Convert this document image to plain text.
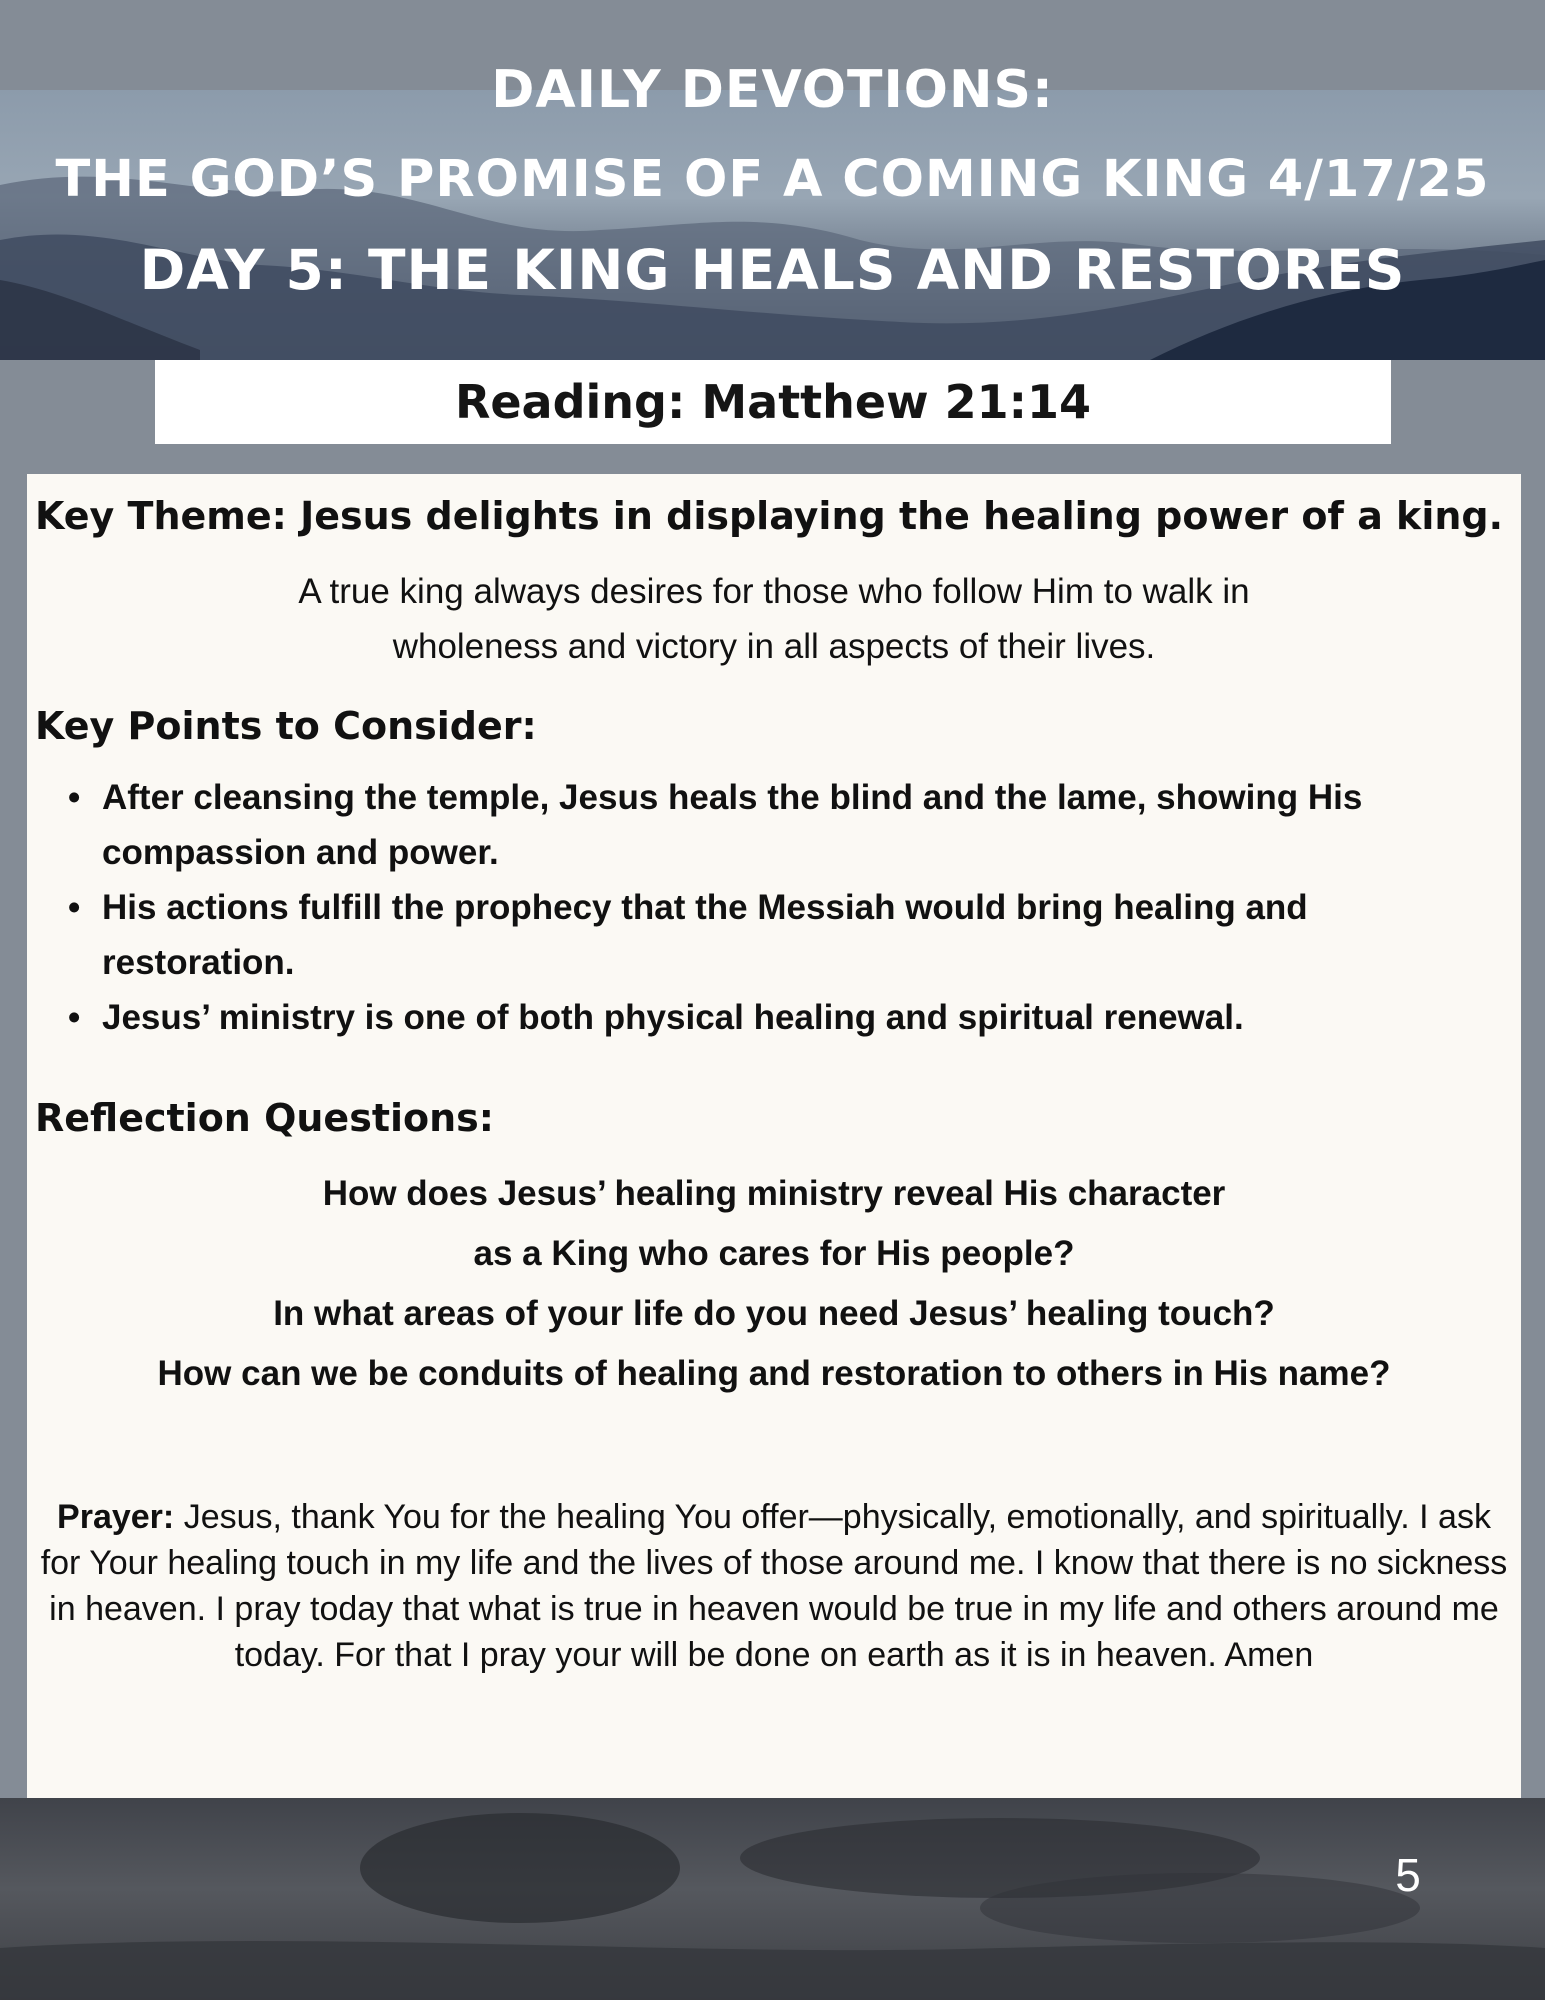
DAILY DEVOTIONS:
THE GOD’S PROMISE OF A COMING KING 4/17/25
DAY 5: THE KING HEALS AND RESTORES
Reading: Matthew 21:14
Key Theme: Jesus delights in displaying the healing power of a king.
A true king always desires for those who follow Him to walk in
wholeness and victory in all aspects of their lives.
Key Points to Consider:
• After cleansing the temple, Jesus heals the blind and the lame, showing His compassion and power.
• His actions fulfill the prophecy that the Messiah would bring healing and restoration.
• Jesus’ ministry is one of both physical healing and spiritual renewal.
Reflection Questions:
How does Jesus’ healing ministry reveal His character
as a King who cares for His people?
In what areas of your life do you need Jesus’ healing touch?
How can we be conduits of healing and restoration to others in His name?
Prayer: Jesus, thank You for the healing You offer—physically, emotionally, and spiritually. I ask for Your healing touch in my life and the lives of those around me. I know that there is no sickness in heaven. I pray today that what is true in heaven would be true in my life and others around me today. For that I pray your will be done on earth as it is in heaven. Amen
5
